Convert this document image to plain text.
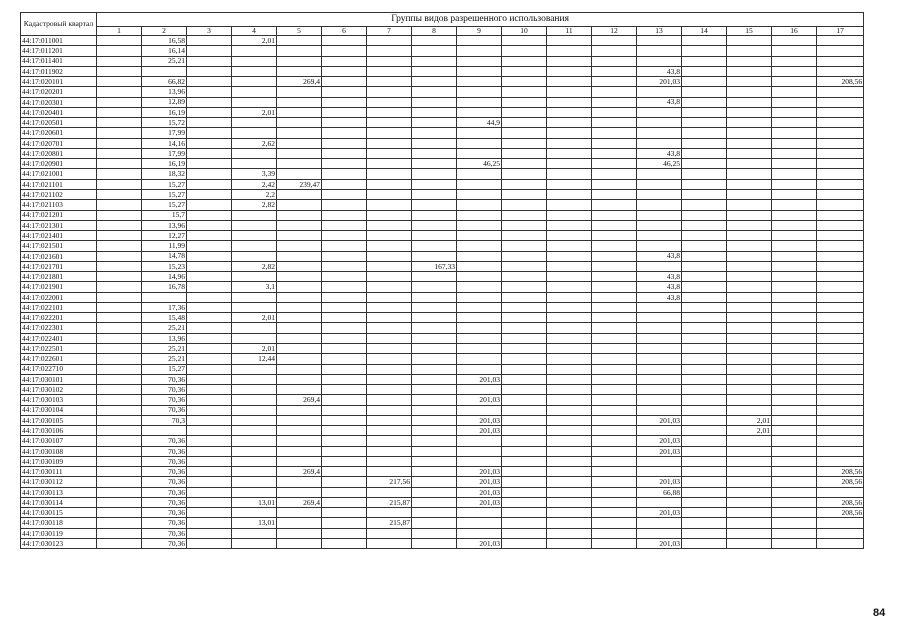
Кадастровый квартал	Группы видов разрешенного использования																
	1	2	3	4	5	6	7	8	9	10	11	12	13	14	15	16	17
44:17:011001		16,58		2,01													
44:17:011201		16,14															
44:17:011401		25,21															
44:17:011902													43,8				
44:17:020101		66,82			269,4								201,03				208,56
44:17:020201		13,96															
44:17:020301		12,89											43,8				
44:17:020401		16,19		2,01													
44:17:020501		15,72							44,9								
44:17:020601		17,99															
44:17:020701		14,16		2,62													
44:17:020801		17,99											43,8				
44:17:020901		16,19							46,25				46,25				
44:17:021001		18,32		3,39													
44:17:021101		15,27		2,42	239,47												
44:17:021102		15,27		2,2													
44:17:021103		15,27		2,82													
44:17:021201		15,7															
44:17:021301		13,96															
44:17:021401		12,27															
44:17:021501		11,99															
44:17:021601		14,78											43,8				
44:17:021701		15,23		2,82				167,33									
44:17:021801		14,96											43,8				
44:17:021901		16,78		3,1									43,8				
44:17:022001													43,8				
44:17:022101		17,36															
44:17:022201		15,48		2,01													
44:17:022301		25,21															
44:17:022401		13,96															
44:17:022501		25,21		2,01													
44:17:022601		25,21		12,44													
44:17:022710		15,27															
44:17:030101		70,36							201,03								
44:17:030102		70,36															
44:17:030103		70,36			269,4				201,03								
44:17:030104		70,36															
44:17:030105		70,3							201,03				201,03		2,01		
44:17:030106									201,03						2,01		
44:17:030107		70,36											201,03				
44:17:030108		70,36											201,03				
44:17:030109		70,36															
44:17:030111		70,36			269,4				201,03								208,56
44:17:030112		70,36					217,56		201,03				201,03				208,56
44:17:030113		70,36							201,03				66,88				
44:17:030114		70,36		13,01	269,4		215,87		201,03								208,56
44:17:030115		70,36											201,03				208,56
44:17:030118		70,36		13,01			215,87										
44:17:030119		70,36															
44:17:030123		70,36							201,03				201,03				
84
